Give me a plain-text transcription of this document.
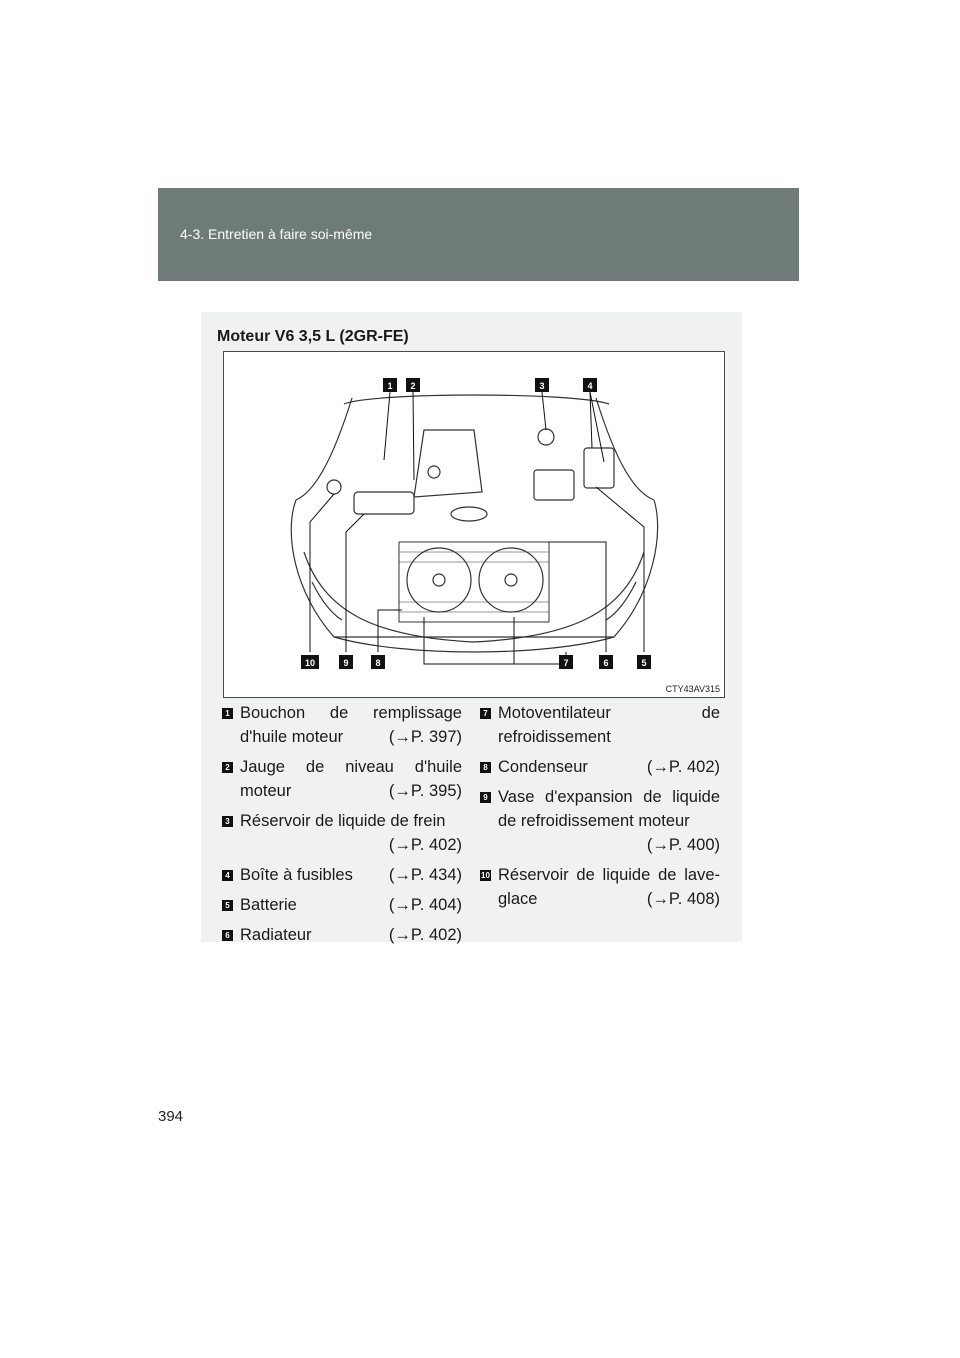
4-3. Entretien à faire soi-même
Moteur V6 3,5 L (2GR-FE)
1 2	3	4
5
6
7
8
9
10
CTY43AV315
1 Bouchon de remplissage
d'huile moteur	(→P. 397)
2 Jauge de niveau d'huile
moteur	(→P. 395)
3 Réservoir de liquide de frein
(→P. 402)
4 Boîte à fusibles (→P. 434)
5 Batterie	(→P. 404)
6 Radiateur	(→P. 402)
7 Motoventilateur de
refroidissement
8 Condenseur	(→P. 402)
9 Vase d'expansion de liquide
de refroidissement moteur
(→P. 400)
10 Réservoir de liquide de lave-
glace	(→P. 408)
394
